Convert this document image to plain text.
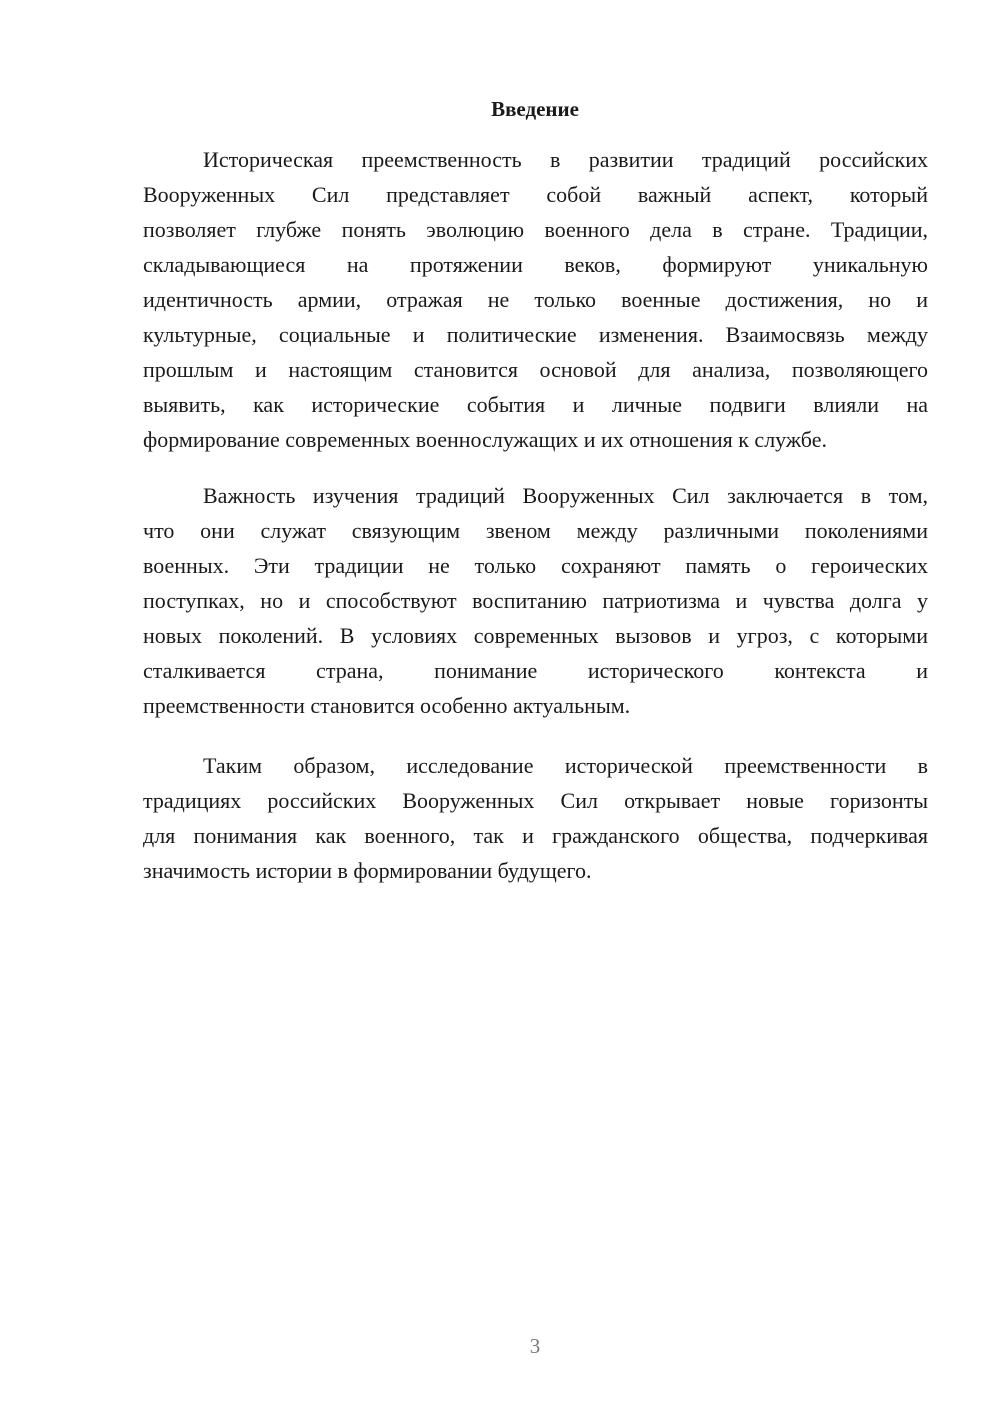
Введение
Историческая преемственность в развитии традиций российских
Вооруженных Сил представляет собой важный аспект, который
позволяет глубже понять эволюцию военного дела в стране. Традиции,
складывающиеся на протяжении веков, формируют уникальную
идентичность армии, отражая не только военные достижения, но и
культурные, социальные и политические изменения. Взаимосвязь между
прошлым и настоящим становится основой для анализа, позволяющего
выявить, как исторические события и личные подвиги влияли на
формирование современных военнослужащих и их отношения к службе.
Важность изучения традиций Вооруженных Сил заключается в том,
что они служат связующим звеном между различными поколениями
военных. Эти традиции не только сохраняют память о героических
поступках, но и способствуют воспитанию патриотизма и чувства долга у
новых поколений. В условиях современных вызовов и угроз, с которыми
сталкивается страна, понимание исторического контекста и
преемственности становится особенно актуальным.
Таким образом, исследование исторической преемственности в
традициях российских Вооруженных Сил открывает новые горизонты
для понимания как военного, так и гражданского общества, подчеркивая
значимость истории в формировании будущего.
3
